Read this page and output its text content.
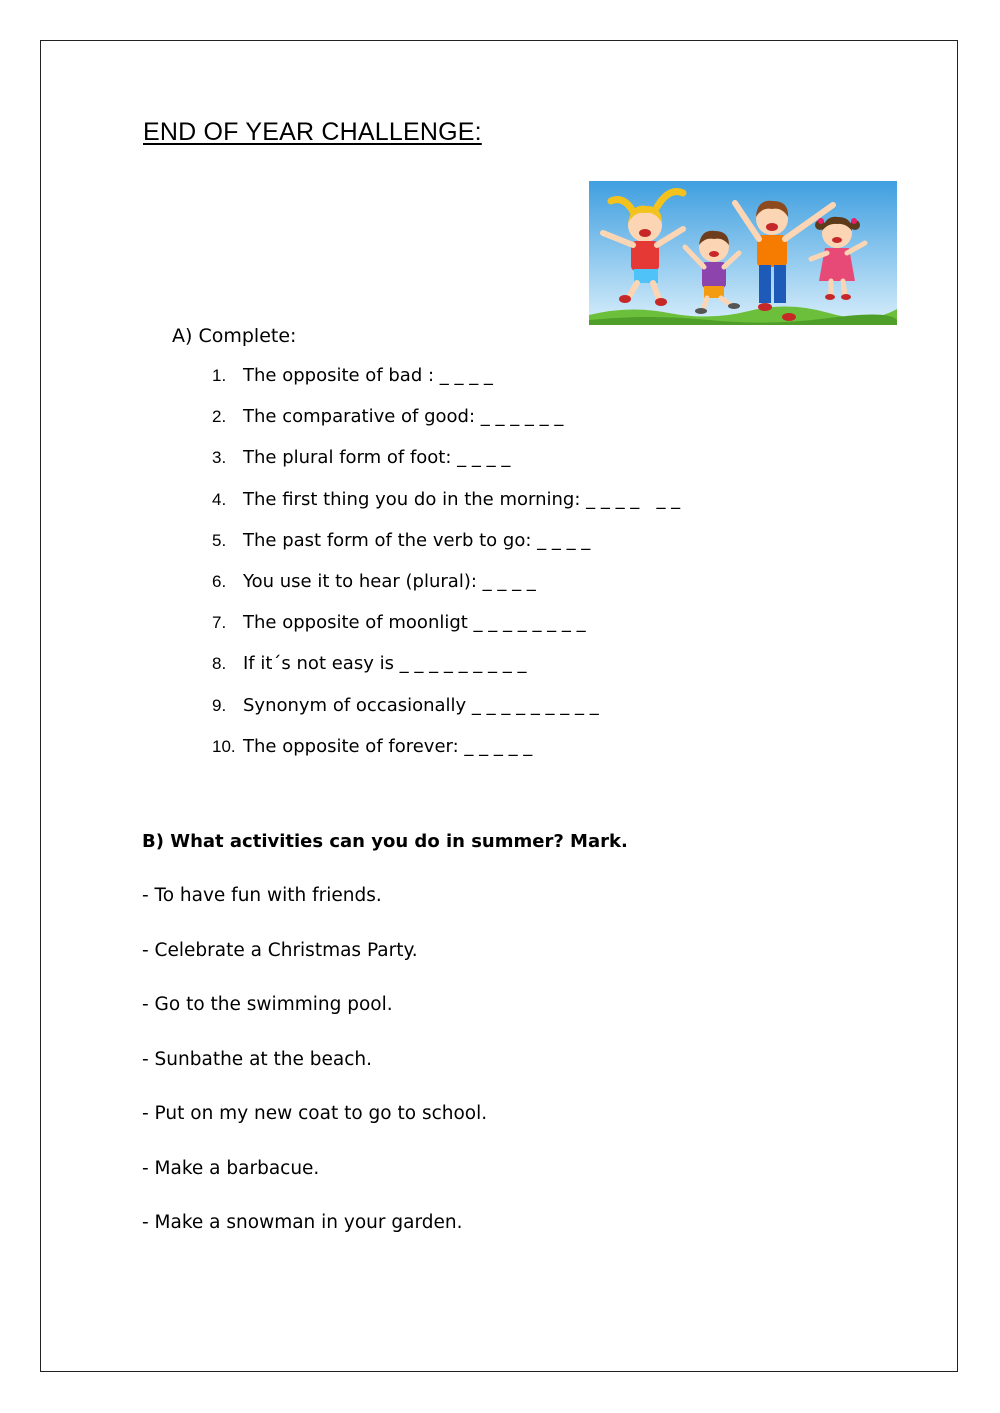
END OF YEAR CHALLENGE:
A) Complete:
1. The opposite of bad : _ _ _ _
2. The comparative of good: _ _ _ _ _ _
3. The plural form of foot: _ _ _ _
4. The first thing you do in the morning: _ _ _ _   _ _
5. The past form of the verb to go: _ _ _ _
6. You use it to hear (plural): _ _ _ _
7. The opposite of moonligt _ _ _ _ _ _ _ _
8. If it´s not easy is _ _ _ _ _ _ _ _ _
9. Synonym of occasionally _ _ _ _ _ _ _ _ _
10. The opposite of forever: _ _ _ _ _
B) What activities can you do in summer? Mark.
- To have fun with friends.
- Celebrate a Christmas Party.
- Go to the swimming pool.
- Sunbathe at the beach.
- Put on my new coat to go to school.
- Make a barbacue.
- Make a snowman in your garden.
